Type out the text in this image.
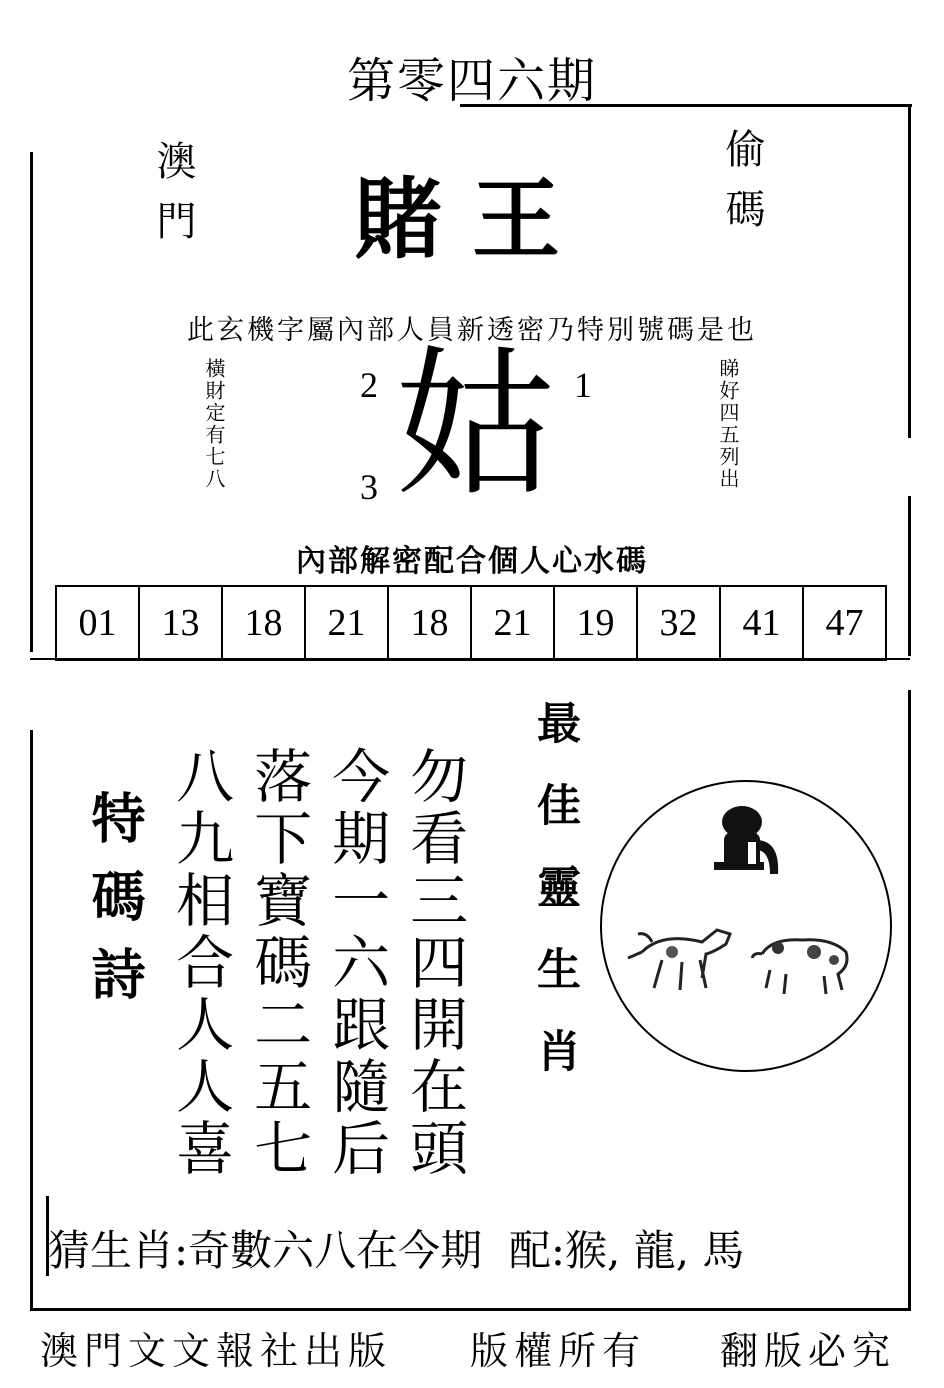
第零四六期
澳門	賭王	偷碼
此玄機字屬內部人員新透密乃特別號碼是也
橫財定有七八	睇好四五列出
2	1
3 姑
內部解密配合個人心水碼
01	13	18	21	18	21	19	32	41	47
特碼詩 八九相合人人喜 落下寶碼二五七 今期一六跟隨后 勿看三四開在頭 最佳靈生肖
猜生肖:奇數六八在今期  配:猴, 龍, 馬
澳門文文報社出版 版權所有 翻版必究
